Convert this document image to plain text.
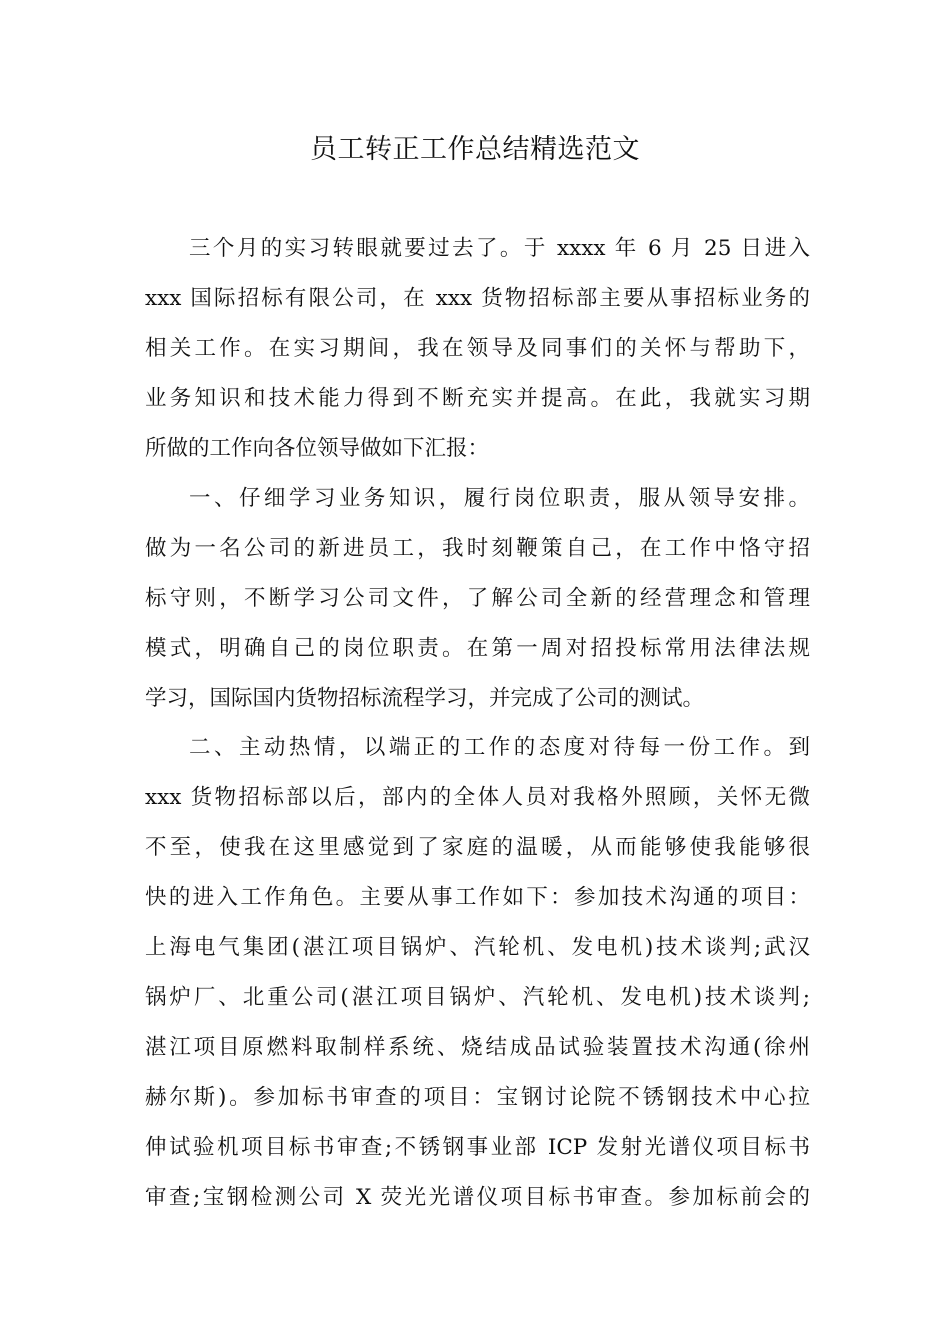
员工转正工作总结精选范文
三个月的实习转眼就要过去了。于 xxxx 年 6 月 25 日进入
xxx 国际招标有限公司，在 xxx 货物招标部主要从事招标业务的
相关工作。在实习期间，我在领导及同事们的关怀与帮助下，
业务知识和技术能力得到不断充实并提高。在此，我就实习期
所做的工作向各位领导做如下汇报：
一、仔细学习业务知识，履行岗位职责，服从领导安排。
做为一名公司的新进员工，我时刻鞭策自己，在工作中恪守招
标守则，不断学习公司文件，了解公司全新的经营理念和管理
模式，明确自己的岗位职责。在第一周对招投标常用法律法规
学习，国际国内货物招标流程学习，并完成了公司的测试。
二、主动热情，以端正的工作的态度对待每一份工作。到
xxx 货物招标部以后，部内的全体人员对我格外照顾，关怀无微
不至，使我在这里感觉到了家庭的温暖，从而能够使我能够很
快的进入工作角色。主要从事工作如下：参加技术沟通的项目：
上海电气集团(湛江项目锅炉、汽轮机、发电机)技术谈判;武汉
锅炉厂、北重公司(湛江项目锅炉、汽轮机、发电机)技术谈判;
湛江项目原燃料取制样系统、烧结成品试验装置技术沟通(徐州
赫尔斯)。参加标书审查的项目：宝钢讨论院不锈钢技术中心拉
伸试验机项目标书审查;不锈钢事业部 ICP 发射光谱仪项目标书
审查;宝钢检测公司 X 荧光光谱仪项目标书审查。参加标前会的
